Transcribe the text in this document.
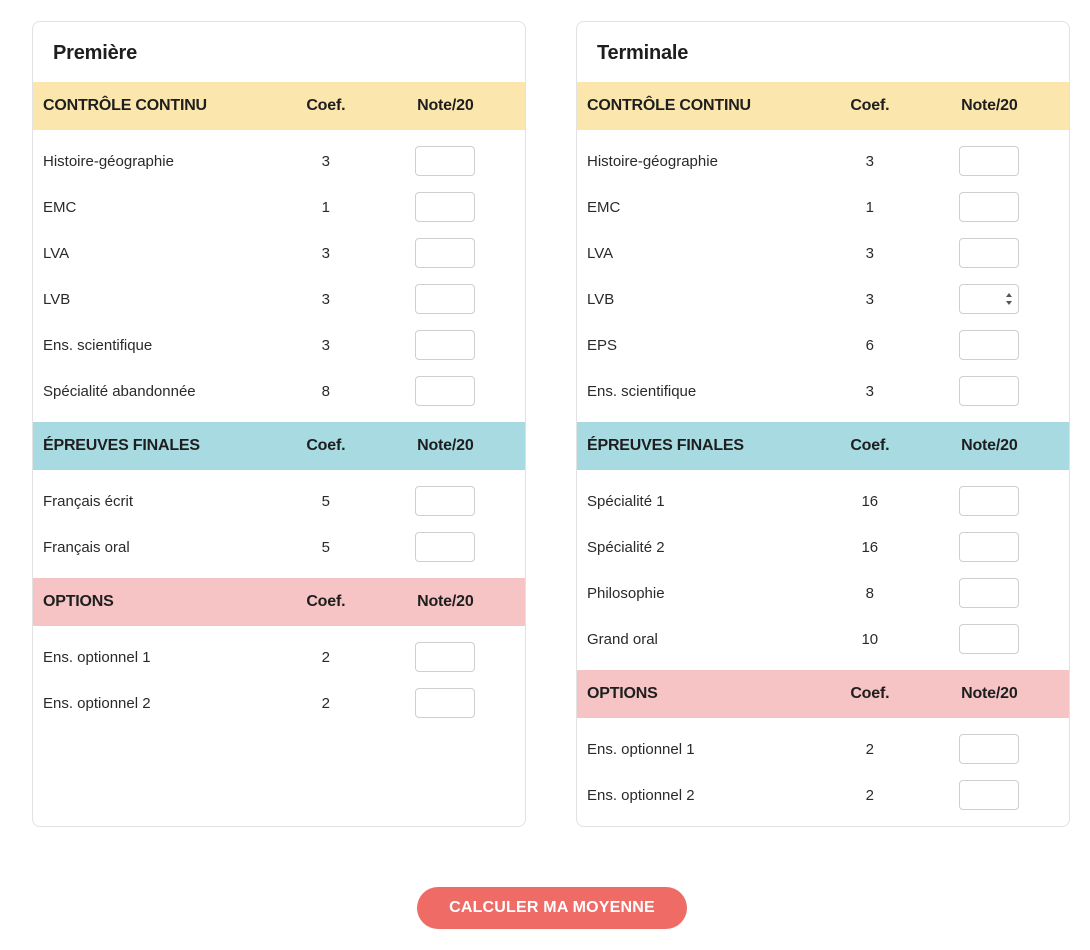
Première
CONTRÔLE CONTINU	Coef.	Note/20
Histoire-géographie	3
EMC	1
LVA	3
LVB	3
Ens. scientifique	3
Spécialité abandonnée	8
ÉPREUVES FINALES	Coef.	Note/20
Français écrit	5
Français oral	5
OPTIONS	Coef.	Note/20
Ens. optionnel 1	2
Ens. optionnel 2	2
Terminale
CONTRÔLE CONTINU	Coef.	Note/20
Histoire-géographie	3
EMC	1
LVA	3
LVB	3
EPS	6
Ens. scientifique	3
ÉPREUVES FINALES	Coef.	Note/20
Spécialité 1	16
Spécialité 2	16
Philosophie	8
Grand oral	10
OPTIONS	Coef.	Note/20
Ens. optionnel 1	2
Ens. optionnel 2	2
CALCULER MA MOYENNE
